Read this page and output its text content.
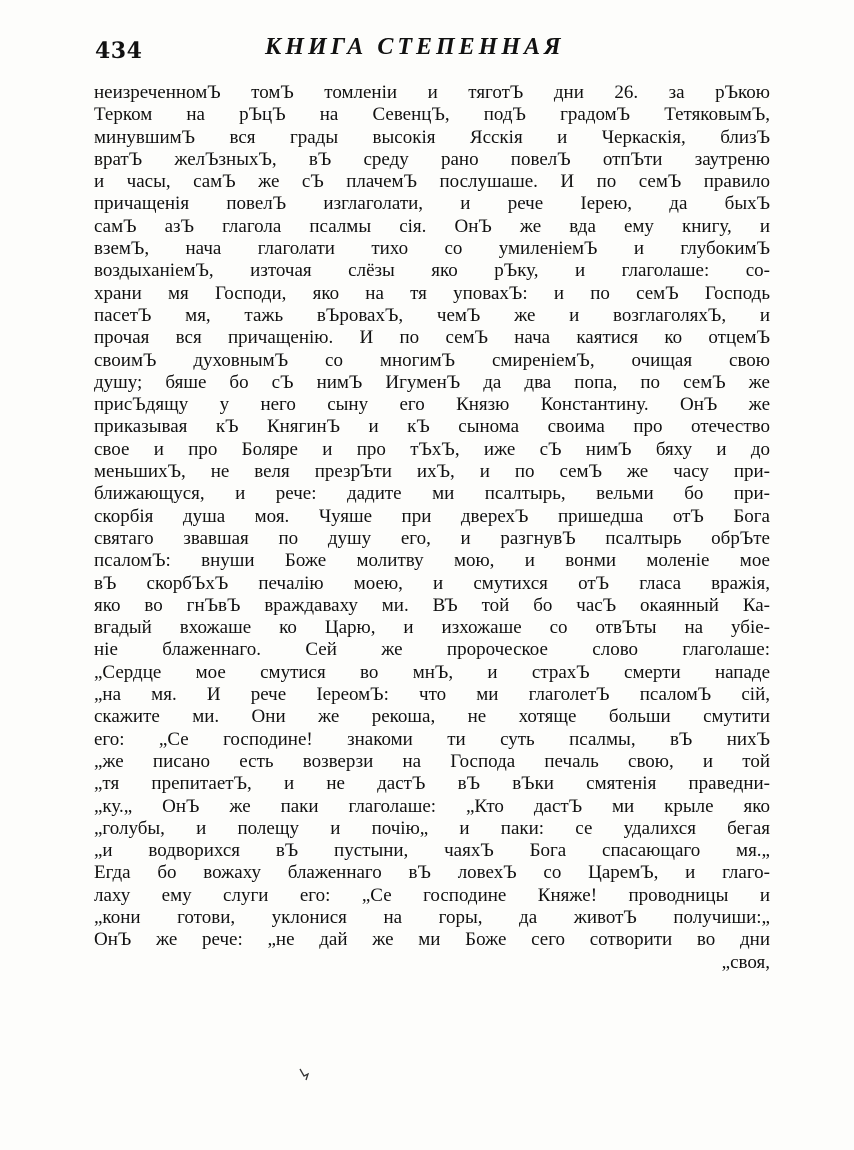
434	КНИГА СТЕПЕННАЯ
неизреченномЪ томЪ томленіи и тяготЪ дни 26. за рЪкою
Терком на рЪцЪ на СевенцЪ, подЪ градомЪ ТетяковымЪ,
минувшимЪ вся грады высокія Ясскія и Черкаскія, близЪ
вратЪ желЪзныхЪ, вЪ среду рано повелЪ отпЪти заутреню
и часы, самЪ же сЪ плачемЪ послушаше. И по семЪ правило
причащенія повелЪ изглаголати, и рече Іерею, да быхЪ
самЪ азЪ глагола псалмы сія. ОнЪ же вда ему книгу, и
вземЪ, нача глаголати тихо со умиленіемЪ и глубокимЪ
воздыханіемЪ, източая слёзы яко рЪку, и глаголаше: со-
храни мя Господи, яко на тя уповахЪ: и по семЪ Господь
пасетЪ мя, тажь вЪровахЪ, чемЪ же и возглаголяхЪ, и
прочая вся причащенію. И по семЪ нача каятися ко отцемЪ
своимЪ духовнымЪ со многимЪ смиреніемЪ, очищая свою
душу; бяше бо сЪ нимЪ ИгуменЪ да два попа, по семЪ же
присЪдящу у него сыну его Князю Константину. ОнЪ же
приказывая кЪ КнягинЪ и кЪ сынома своима про отечество
свое и про Боляре и про тЪхЪ, иже сЪ нимЪ бяху и до
меньшихЪ, не веля презрЪти ихЪ, и по семЪ же часу при-
ближающуся, и рече: дадите ми псалтырь, вельми бо при-
скорбія душа моя. Чуяше при дверехЪ пришедша отЪ Бога
святаго звавшая по душу его, и разгнувЪ псалтырь обрЪте
псаломЪ: внуши Боже молитву мою, и вонми моленіе мое
вЪ скорбЪхЪ печалію моею, и смутихся отЪ гласа вражія,
яко во гнЪвЪ враждаваху ми. ВЪ той бо часЪ окаянный Ка-
вгадый вхожаше ко Царю, и изхожаше со отвЪты на убіе-
ніе блаженнаго. Сей же пророческое слово глаголаше:
„Сердце мое смутися во мнЪ, и страхЪ смерти нападе
„на мя. И рече ІереомЪ: что ми глаголетЪ псаломЪ сій,
скажите ми. Они же рекоша, не хотяще больши смутити
его: „Се господине! знакоми ти суть псалмы, вЪ нихЪ
„же писано есть возверзи на Господа печаль свою, и той
„тя препитаетЪ, и не дастЪ вЪ вЪки смятенія праведни-
„ку.„ ОнЪ же паки глаголаше: „Кто дастЪ ми крыле яко
„голубы, и полещу и почію„ и паки: се удалихся бегая
„и водворихся вЪ пустыни, чаяхЪ Бога спасающаго мя.„
Егда бо вожаху блаженнаго вЪ ловехЪ со ЦаремЪ, и глаго-
лаху ему слуги его: „Се господине Княже! проводницы и
„кони готови, уклонися на горы, да животЪ получиши:„
ОнЪ же рече: „не дай же ми Боже сего сотворити во дни
„своя,
